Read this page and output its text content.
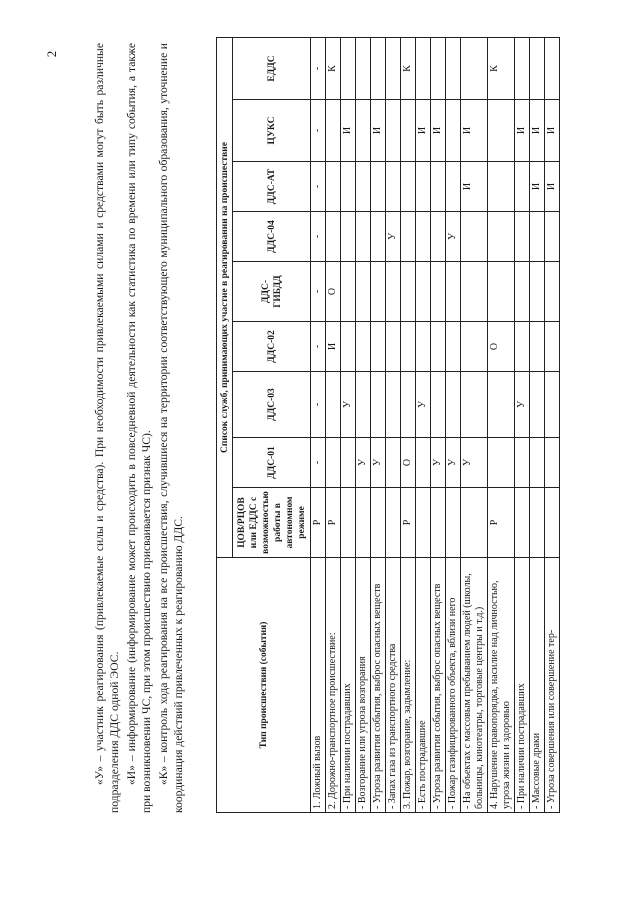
2	«У» – участник реагирования (привлекаемые силы и средства). При необходимости привлекаемыми силами и средствами могут быть различные подразделения ДДС одной ЭОС. «И» – информирование (информирование может происходить в повседневной деятельности как статистика по времени или типу события, а также при возникновении ЧС, при этом происшествию присваивается признак ЧС). «К» – контроль хода реагирования на все происшествия, случившиеся на территории соответствующего муниципального образования, уточнение и координация действий привлеченных к реагированию ДДС.	Тип происшествия (события)	Список служб, принимающих участие в реагировании на происшествие								
	ЦОВ/РЦОВ или ЕДДС с возможностью работы в автономном режиме	ДДС-01	ДДС-03	ДДС-02	ДДС-ГИБДД	ДДС-04	ДДС-АТ	ЦУКС	ЕДДС
1. Ложный вызов	Р	-	-	-	-	-	-	-	-
2. Дорожно-транспортное происшествие:	Р			И	О				К
- При наличии пострадавших			У					И	
- Возгорание или угроза возгорания		У							
- Угроза развития события, выброс опасных веществ		У						И	
- Запах газа из транспортного средства						У			
3. Пожар, возгорание, задымление:	Р	О							К
- Есть пострадавшие			У					И	
- Угроза развития события, выброс опасных веществ		У						И	
- Пожар газифицированного объекта, вблизи него		У				У			
- На объектах с массовым пребыванием людей (школы, больницы, кинотеатры, торговые центры и т.д.)		У					И	И	
4. Нарушение правопорядка, насилие над личностью, угроза жизни и здоровью	Р			О					К
- При наличии пострадавших			У					И	
- Массовые драки							И	И	
- Угроза совершения или совершение тер-							И	И	
